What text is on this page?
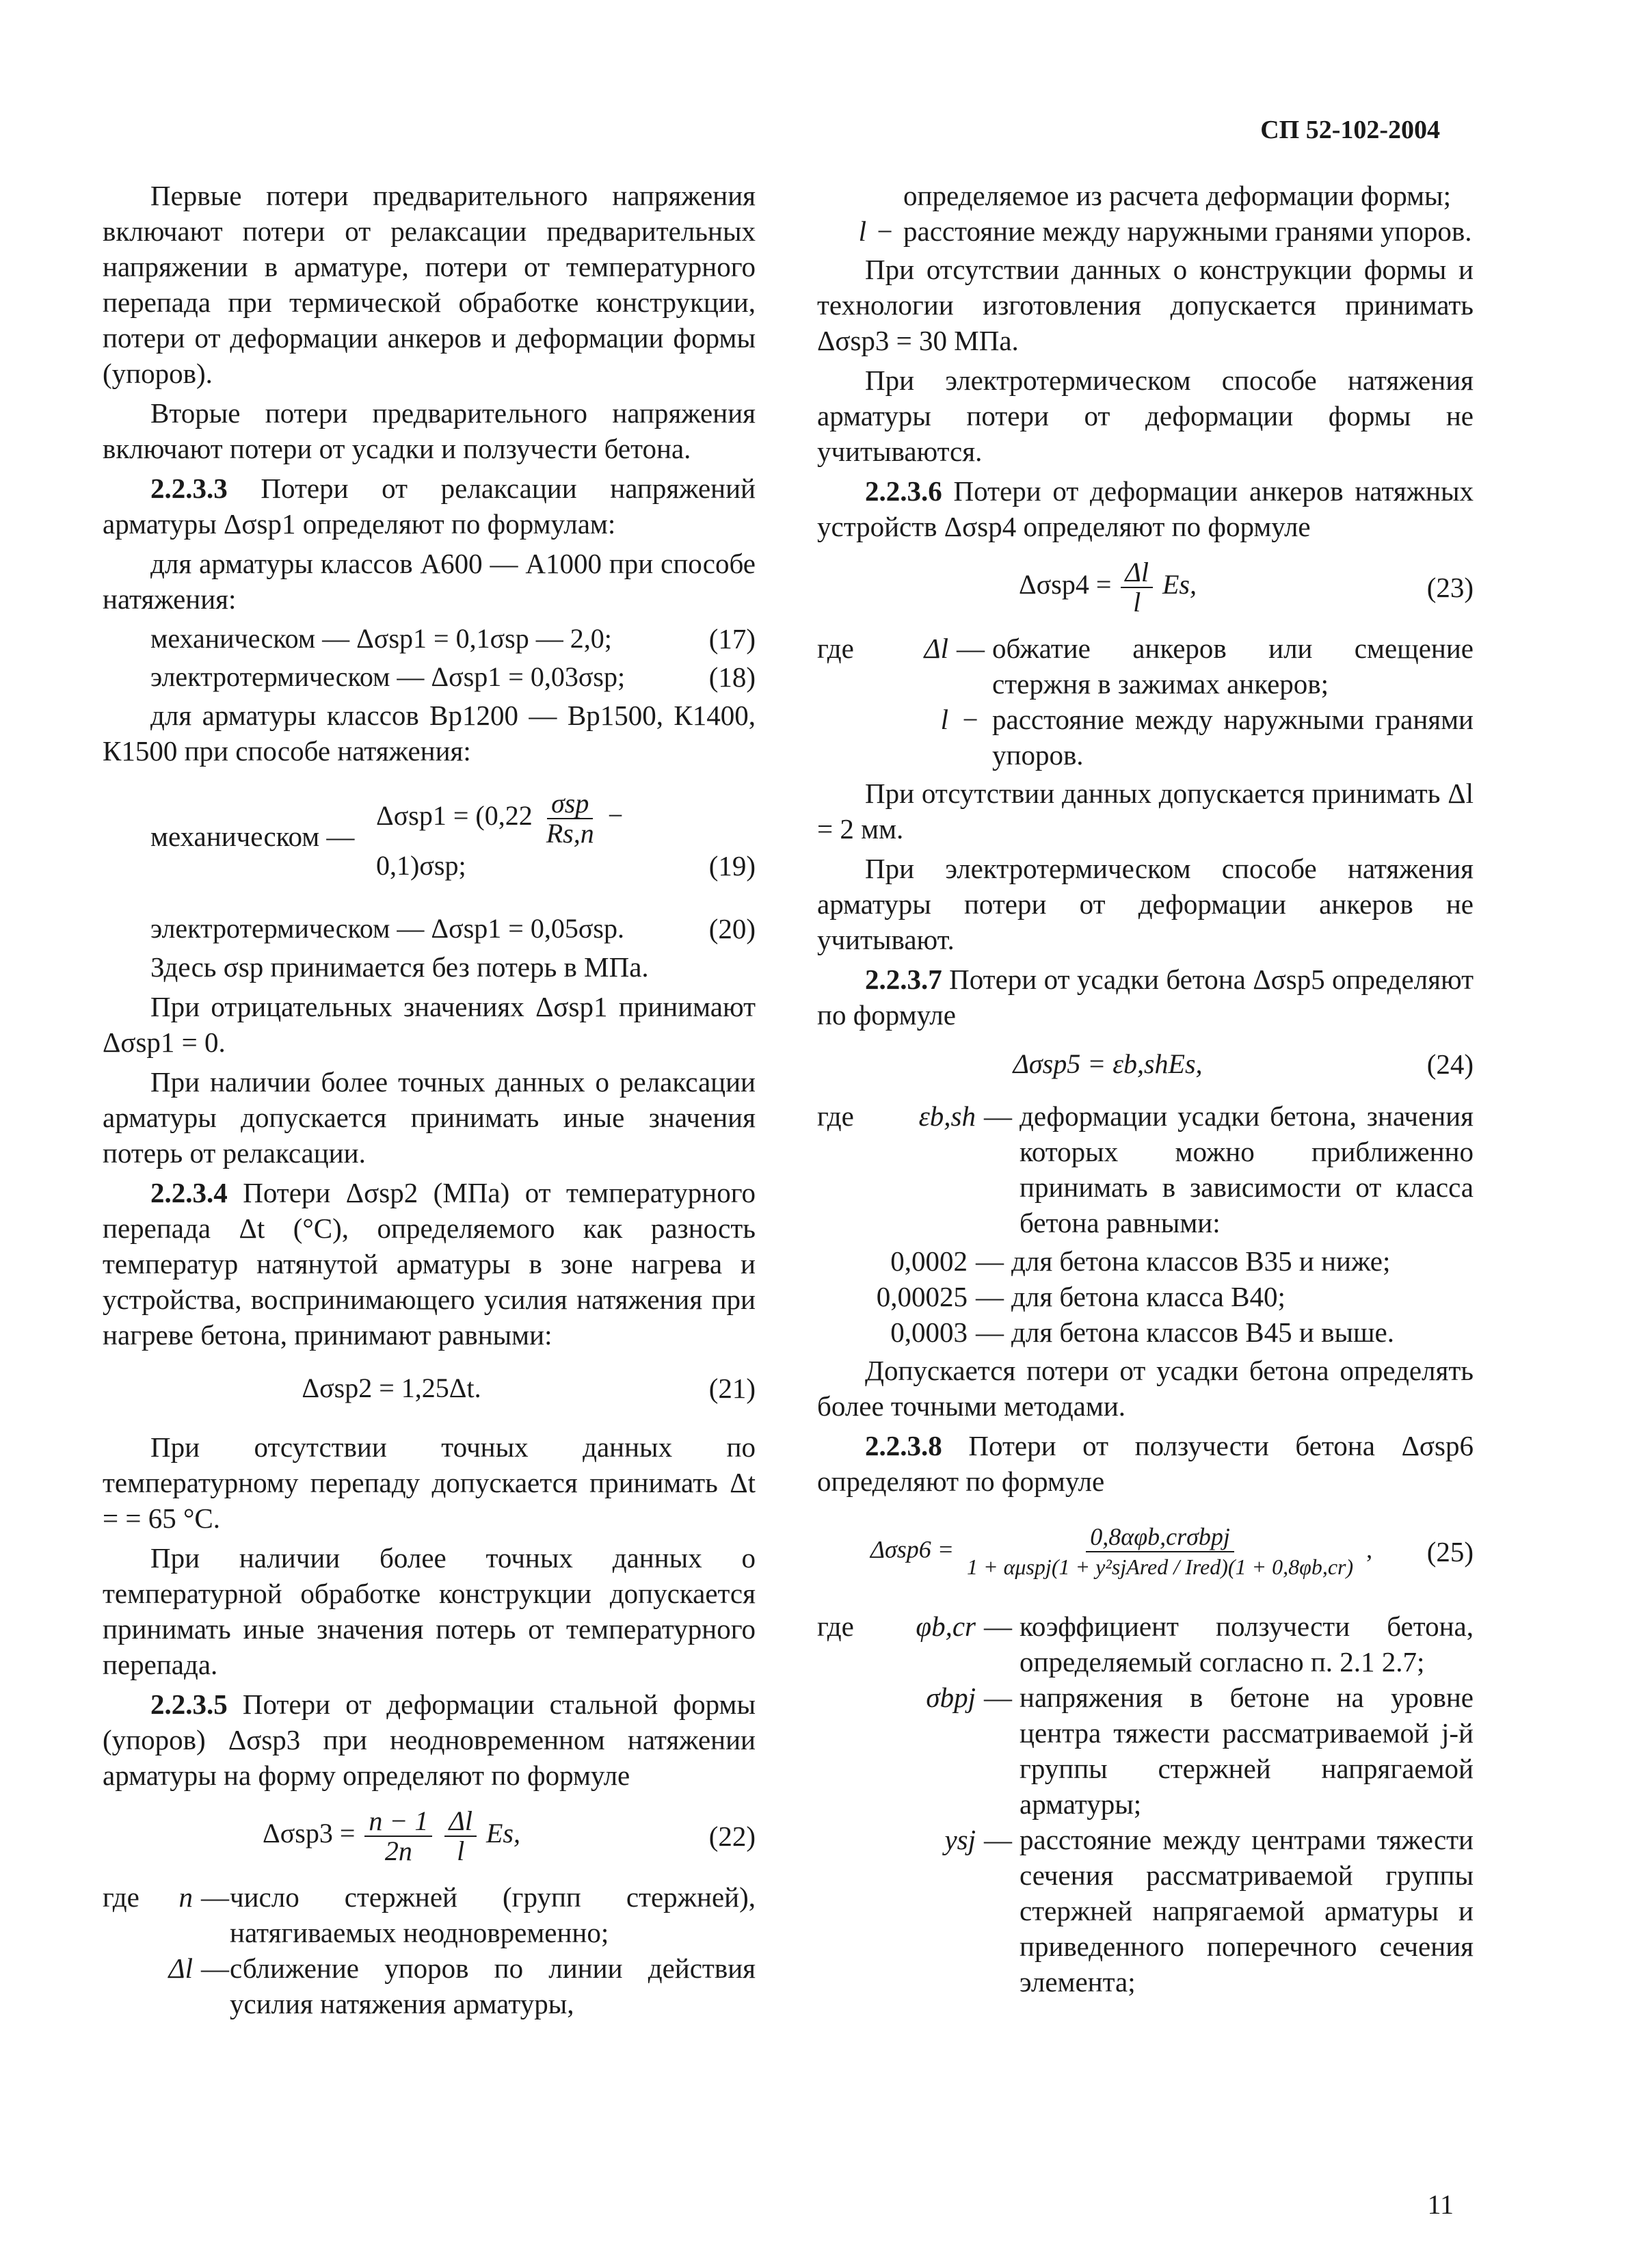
СП 52-102-2004

Первые потери предварительного напряжения включают потери от релаксации предварительных напряжении в арматуре, потери от температурного перепада при термической обработке конструкции, потери от деформации анкеров и деформации формы (упоров).

Вторые потери предварительного напряжения включают потери от усадки и ползучести бетона.

2.2.3.3 Потери от релаксации напряжений арматуры Δσsp1 определяют по формулам:

для арматуры классов А600 — А1000 при способе натяжения:

механическом — Δσsp1 = 0,1σsp — 2,0;	(17)
электротермическом — Δσsp1 = 0,03σsp;	(18)

для арматуры классов Вр1200 — Вр1500, К1400, К1500 при способе натяжения:

механическом —
$\Delta\sigma sp1 = (0,22 \frac{\text{σsp}}{Rs,n} - 0,1)\sigma sp$;	(19)
электротермическом — Δσsp1 = 0,05σsp.	(20)

Здесь σsp принимается без потерь в МПа.

При отрицательных значениях Δσsp1 принимают Δσsp1 = 0.

При наличии более точных данных о релаксации арматуры допускается принимать иные значения потерь от релаксации.

2.2.3.4 Потери Δσsp2 (МПа) от температурного перепада Δt (°С), определяемого как разность температур натянутой арматуры в зоне нагрева и устройства, воспринимающего усилия натяжения при нагреве бетона, принимают равными:

Δσsp2 = 1,25Δt.	(21)

При отсутствии точных данных по температурному перепаду допускается принимать Δt = = 65 °С.

При наличии более точных данных о температурной обработке конструкции допускается принимать иные значения потерь от температурного перепада.

2.2.3.5 Потери от деформации стальной формы (упоров) Δσsp3 при неодновременном натяжении арматуры на форму определяют по формуле

$\Delta\sigma sp3 = \frac{n - 1}{2n}$
$\frac{\Delta l}{l} Es$,	(22)
где	n — число стержней (групп стержней), натягиваемых неодновременно;
Δl — сближение упоров по линии действия усилия натяжения арматуры,
определяемое из расчета деформации формы;
l − расстояние между наружными гранями упоров.

При отсутствии данных о конструкции формы и технологии изготовления допускается принимать Δσsp3 = 30 МПа.

При электротермическом способе натяжения арматуры потери от деформации формы не учитываются.

2.2.3.6 Потери от деформации анкеров натяжных устройств Δσsp4 определяют по формуле

$\Delta\sigma sp4 = \frac{\Delta l}{l} Es$,	(23)
где	Δl — обжатие анкеров или смещение стержня в зажимах анкеров;
l − расстояние между наружными гранями упоров.

При отсутствии данных допускается принимать Δl = 2 мм.

При электротермическом способе натяжения арматуры потери от деформации анкеров не учитывают.

2.2.3.7 Потери от усадки бетона Δσsp5 определяют по формуле

Δσsp5 = εb,shEs,	(24)
где	εb,sh — деформации усадки бетона, значения которых можно приближенно принимать в зависимости от класса бетона равными:
0,0002 — для бетона классов В35 и ниже;
0,00025 — для бетона класса В40;
0,0003 — для бетона классов В45 и выше.

Допускается потери от усадки бетона определять более точными методами.

2.2.3.8 Потери от ползучести бетона Δσsp6 определяют по формуле

$\Delta\sigma sp6 = \frac{\text{0,8αφb,crσbpj}}{\text{1 + αμspj(1 + y²sjAred / Ired)(1 + 0,8φb,cr)}}$ ,	(25)
где	φb,cr — коэффициент ползучести бетона, определяемый согласно п. 2.1 2.7;
σbpj — напряжения в бетоне на уровне центра тяжести рассматриваемой j-й группы стержней напрягаемой арматуры;
ysj — расстояние между центрами тяжести сечения рассматриваемой группы стержней напрягаемой арматуры и приведенного поперечного сечения элемента;
11
